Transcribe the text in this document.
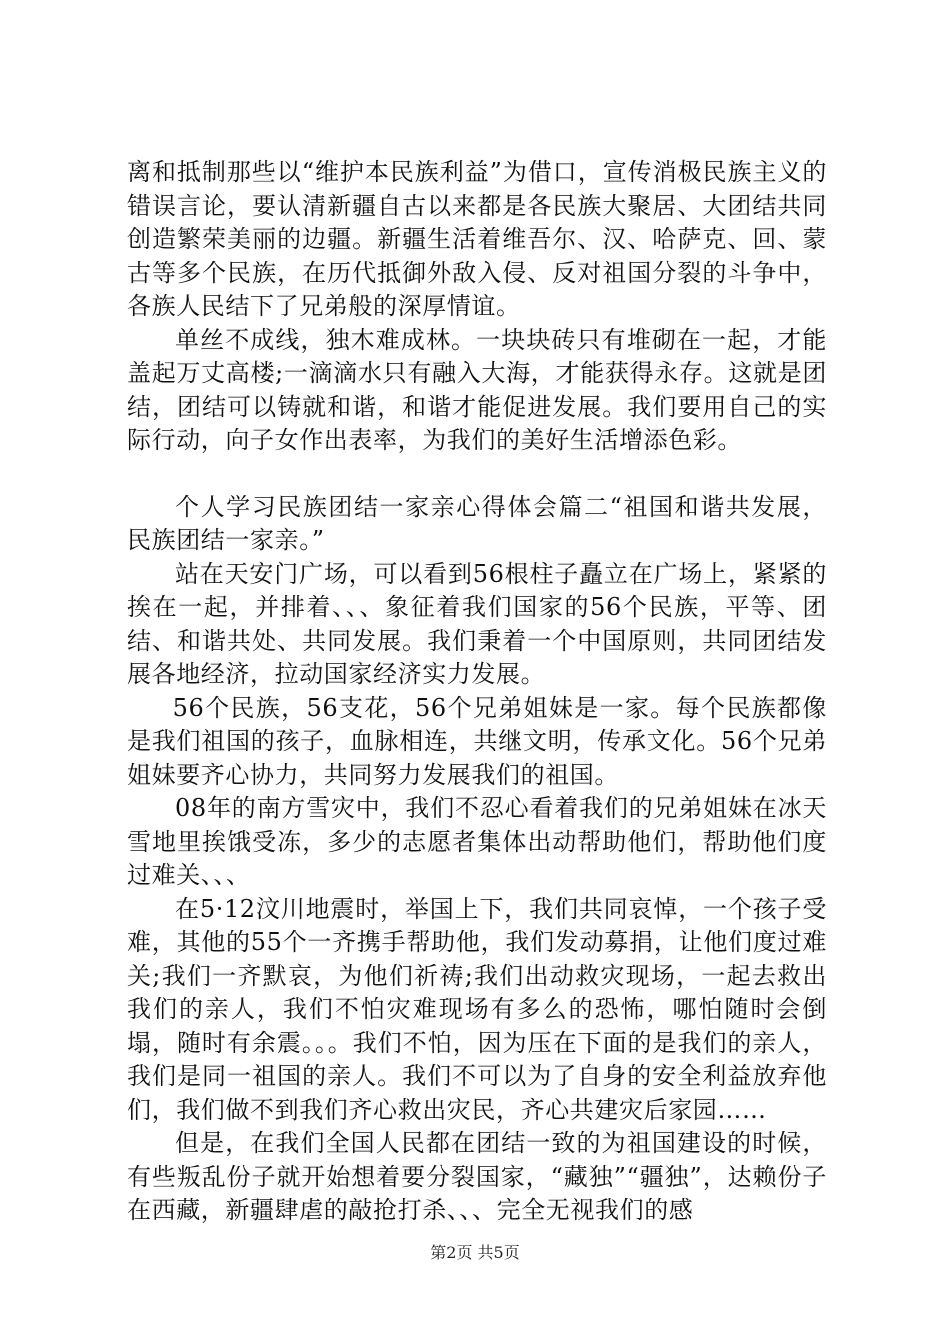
离和抵制那些以“维护本民族利益”为借口，宣传消极民族主义的错误言论，要认清新疆自古以来都是各民族大聚居、大团结共同创造繁荣美丽的边疆。新疆生活着维吾尔、汉、哈萨克、回、蒙古等多个民族，在历代抵御外敌入侵、反对祖国分裂的斗争中，各族人民结下了兄弟般的深厚情谊。

单丝不成线，独木难成林。一块块砖只有堆砌在一起，才能盖起万丈高楼;一滴滴水只有融入大海，才能获得永存。这就是团结，团结可以铸就和谐，和谐才能促进发展。我们要用自己的实际行动，向子女作出表率，为我们的美好生活增添色彩。

个人学习民族团结一家亲心得体会篇二“祖国和谐共发展，民族团结一家亲。”

站在天安门广场，可以看到56根柱子矗立在广场上，紧紧的挨在一起，并排着、、、象征着我们国家的56个民族，平等、团结、和谐共处、共同发展。我们秉着一个中国原则，共同团结发展各地经济，拉动国家经济实力发展。

56个民族，56支花，56个兄弟姐妹是一家。每个民族都像是我们祖国的孩子，血脉相连，共继文明，传承文化。56个兄弟姐妹要齐心协力，共同努力发展我们的祖国。

08年的南方雪灾中，我们不忍心看着我们的兄弟姐妹在冰天雪地里挨饿受冻，多少的志愿者集体出动帮助他们，帮助他们度过难关、、、

在5·12汶川地震时，举国上下，我们共同哀悼，一个孩子受难，其他的55个一齐携手帮助他，我们发动募捐，让他们度过难关;我们一齐默哀，为他们祈祷;我们出动救灾现场，一起去救出我们的亲人，我们不怕灾难现场有多么的恐怖，哪怕随时会倒塌，随时有余震。。。我们不怕，因为压在下面的是我们的亲人，我们是同一祖国的亲人。我们不可以为了自身的安全利益放弃他们，我们做不到我们齐心救出灾民，齐心共建灾后家园……

但是，在我们全国人民都在团结一致的为祖国建设的时候，有些叛乱份子就开始想着要分裂国家，“藏独”“疆独”，达赖份子在西藏，新疆肆虐的敲抢打杀、、、完全无视我们的感

第2页 共5页
